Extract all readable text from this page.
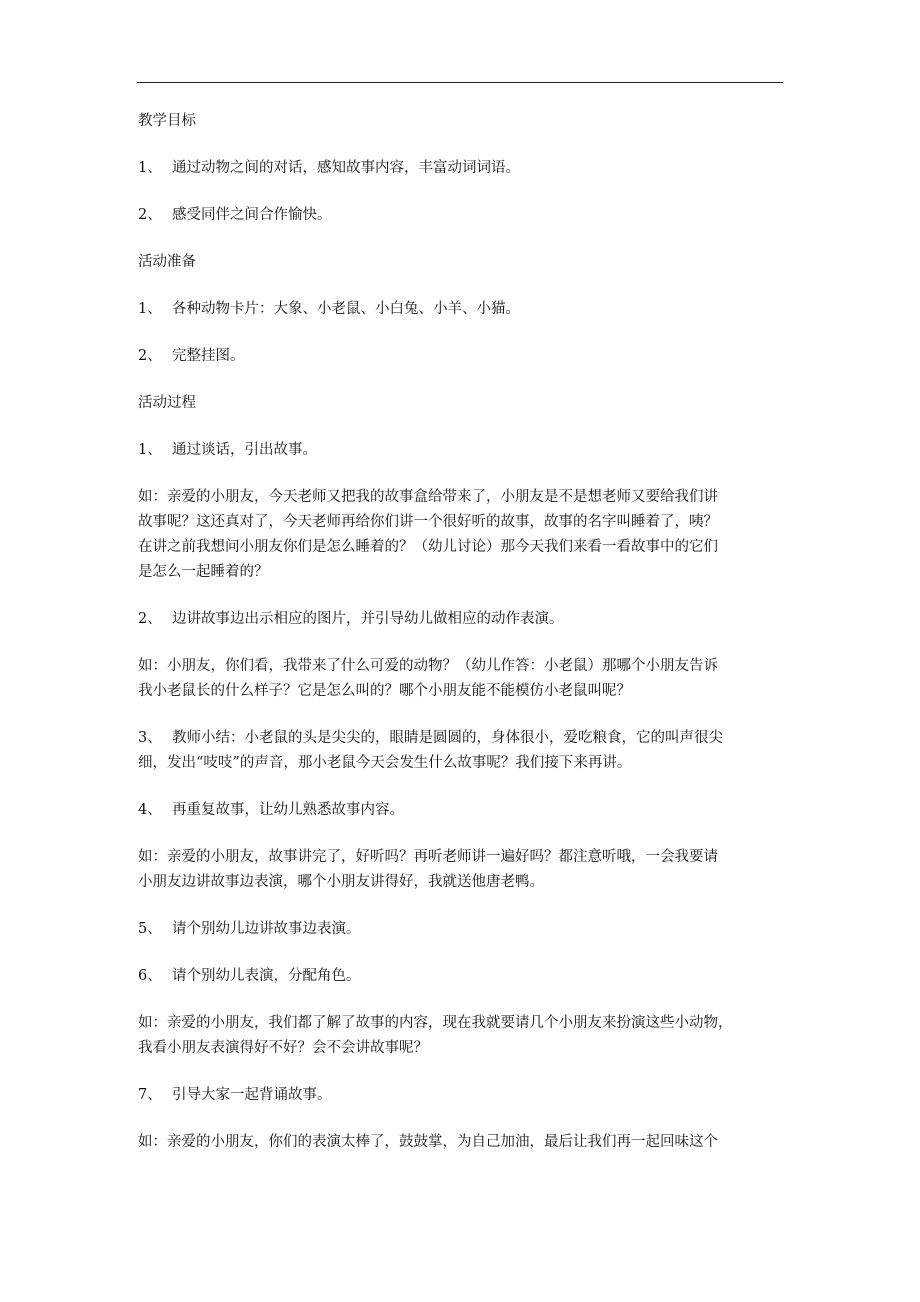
教学目标
1、 通过动物之间的对话，感知故事内容，丰富动词词语。
2、 感受同伴之间合作愉快。
活动准备
1、 各种动物卡片：大象、小老鼠、小白兔、小羊、小猫。
2、 完整挂图。
活动过程
1、 通过谈话，引出故事。
如：亲爱的小朋友，今天老师又把我的故事盒给带来了，小朋友是不是想老师又要给我们讲
故事呢？这还真对了，今天老师再给你们讲一个很好听的故事，故事的名字叫睡着了，咦？
在讲之前我想问小朋友你们是怎么睡着的？（幼儿讨论）那今天我们来看一看故事中的它们
是怎么一起睡着的？
2、 边讲故事边出示相应的图片，并引导幼儿做相应的动作表演。
如：小朋友，你们看，我带来了什么可爱的动物？（幼儿作答：小老鼠）那哪个小朋友告诉
我小老鼠长的什么样子？它是怎么叫的？哪个小朋友能不能模仿小老鼠叫呢？
3、 教师小结：小老鼠的头是尖尖的，眼睛是圆圆的，身体很小，爱吃粮食，它的叫声很尖
细，发出“吱吱”的声音，那小老鼠今天会发生什么故事呢？我们接下来再讲。
4、 再重复故事，让幼儿熟悉故事内容。
如：亲爱的小朋友，故事讲完了，好听吗？再听老师讲一遍好吗？都注意听哦，一会我要请
小朋友边讲故事边表演，哪个小朋友讲得好，我就送他唐老鸭。
5、 请个别幼儿边讲故事边表演。
6、 请个别幼儿表演，分配角色。
如：亲爱的小朋友，我们都了解了故事的内容，现在我就要请几个小朋友来扮演这些小动物，
我看小朋友表演得好不好？会不会讲故事呢？
7、 引导大家一起背诵故事。
如：亲爱的小朋友，你们的表演太棒了，鼓鼓掌，为自己加油，最后让我们再一起回味这个
